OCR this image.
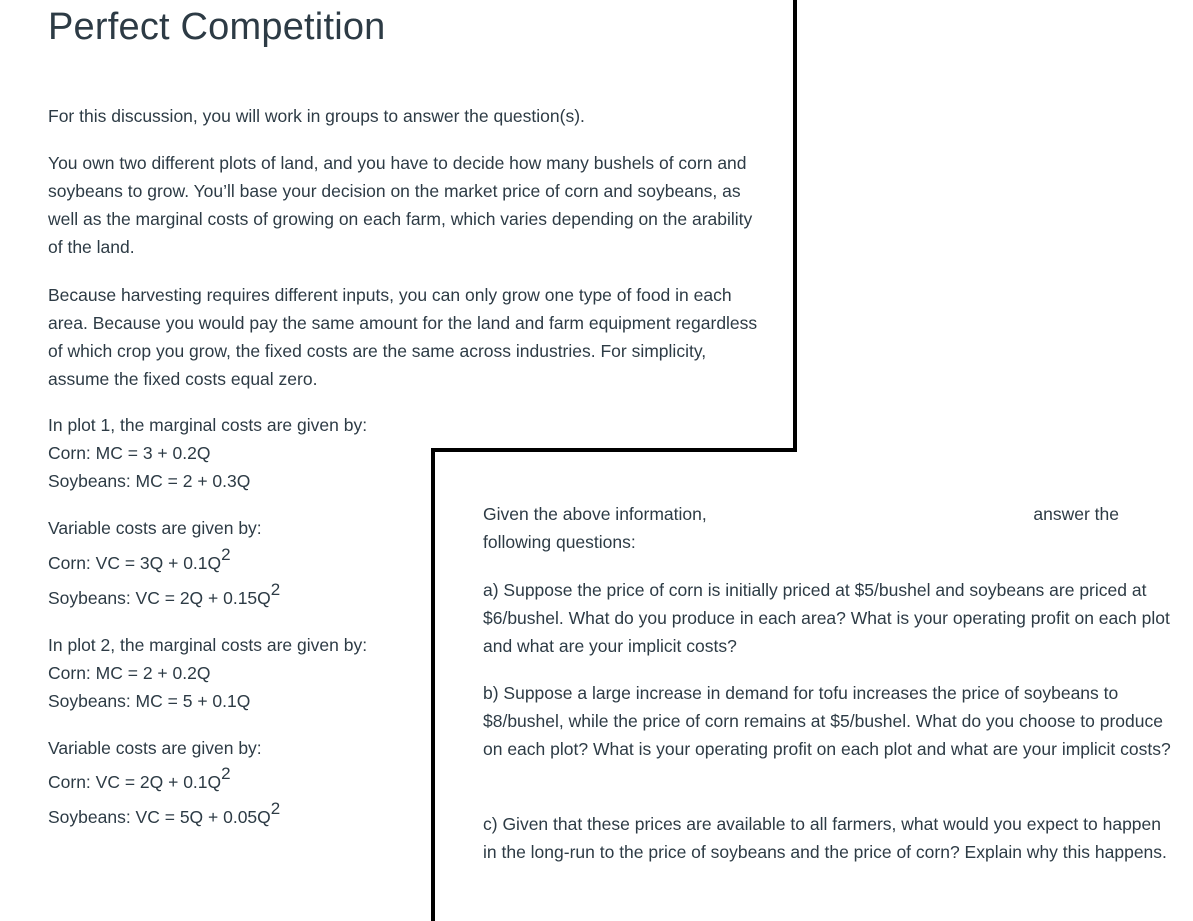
Perfect Competition

For this discussion, you will work in groups to answer the question(s).

You own two different plots of land, and you have to decide how many bushels of corn and soybeans to grow. You’ll base your decision on the market price of corn and soybeans, as well as the marginal costs of growing on each farm, which varies depending on the arability of the land.

Because harvesting requires different inputs, you can only grow one type of food in each area. Because you would pay the same amount for the land and farm equipment regardless of which crop you grow, the fixed costs are the same across industries. For simplicity, assume the fixed costs equal zero.

In plot 1, the marginal costs are given by:

Corn: MC = 3 + 0.2Q

Soybeans: MC = 2 + 0.3Q

Variable costs are given by:

Corn: VC = $3Q + 0.1Q^2$

Soybeans: VC = $2Q + 0.15Q^2$

In plot 2, the marginal costs are given by:

Corn: MC = 2 + 0.2Q

Soybeans: MC = 5 + 0.1Q

Variable costs are given by:

Corn: VC = $2Q + 0.1Q^2$

Soybeans: VC = $5Q + 0.05Q^2$

Given the above information,	answer the
following questions:

a) Suppose the price of corn is initially priced at $5/bushel and soybeans are priced at $6/bushel. What do you produce in each area? What is your operating profit on each plot and what are your implicit costs?

b) Suppose a large increase in demand for tofu increases the price of soybeans to $8/bushel, while the price of corn remains at $5/bushel. What do you choose to produce on each plot? What is your operating profit on each plot and what are your implicit costs?

c) Given that these prices are available to all farmers, what would you expect to happen in the long-run to the price of soybeans and the price of corn? Explain why this happens.
